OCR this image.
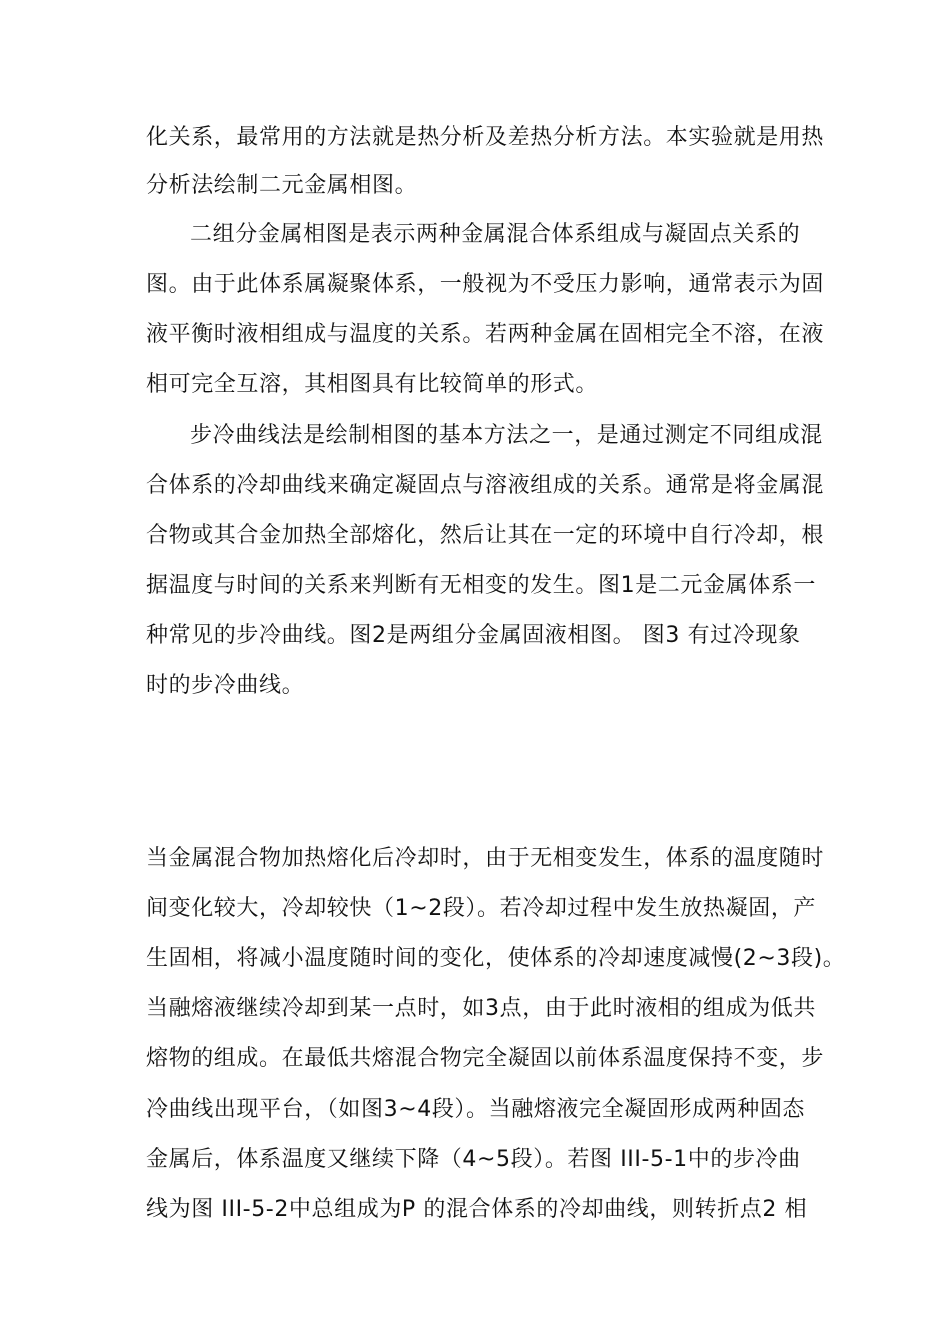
化关系，最常用的方法就是热分析及差热分析方法。本实验就是用热
分析法绘制二元金属相图。
二组分金属相图是表示两种金属混合体系组成与凝固点关系的
图。由于此体系属凝聚体系，一般视为不受压力影响，通常表示为固
液平衡时液相组成与温度的关系。若两种金属在固相完全不溶，在液
相可完全互溶，其相图具有比较简单的形式。
步冷曲线法是绘制相图的基本方法之一，是通过测定不同组成混
合体系的冷却曲线来确定凝固点与溶液组成的关系。通常是将金属混
合物或其合金加热全部熔化，然后让其在一定的环境中自行冷却，根
据温度与时间的关系来判断有无相变的发生。图1是二元金属体系一
种常见的步冷曲线。图2是两组分金属固液相图。 图3 有过冷现象
时的步冷曲线。
当金属混合物加热熔化后冷却时，由于无相变发生，体系的温度随时
间变化较大，冷却较快（1~2段）。若冷却过程中发生放热凝固，产
生固相，将减小温度随时间的变化，使体系的冷却速度减慢(2~3段)。
当融熔液继续冷却到某一点时，如3点，由于此时液相的组成为低共
熔物的组成。在最低共熔混合物完全凝固以前体系温度保持不变，步
冷曲线出现平台，（如图3~4段）。当融熔液完全凝固形成两种固态
金属后，体系温度又继续下降（4~5段）。若图 III-5-1中的步冷曲
线为图 III-5-2中总组成为P 的混合体系的冷却曲线，则转折点2 相
